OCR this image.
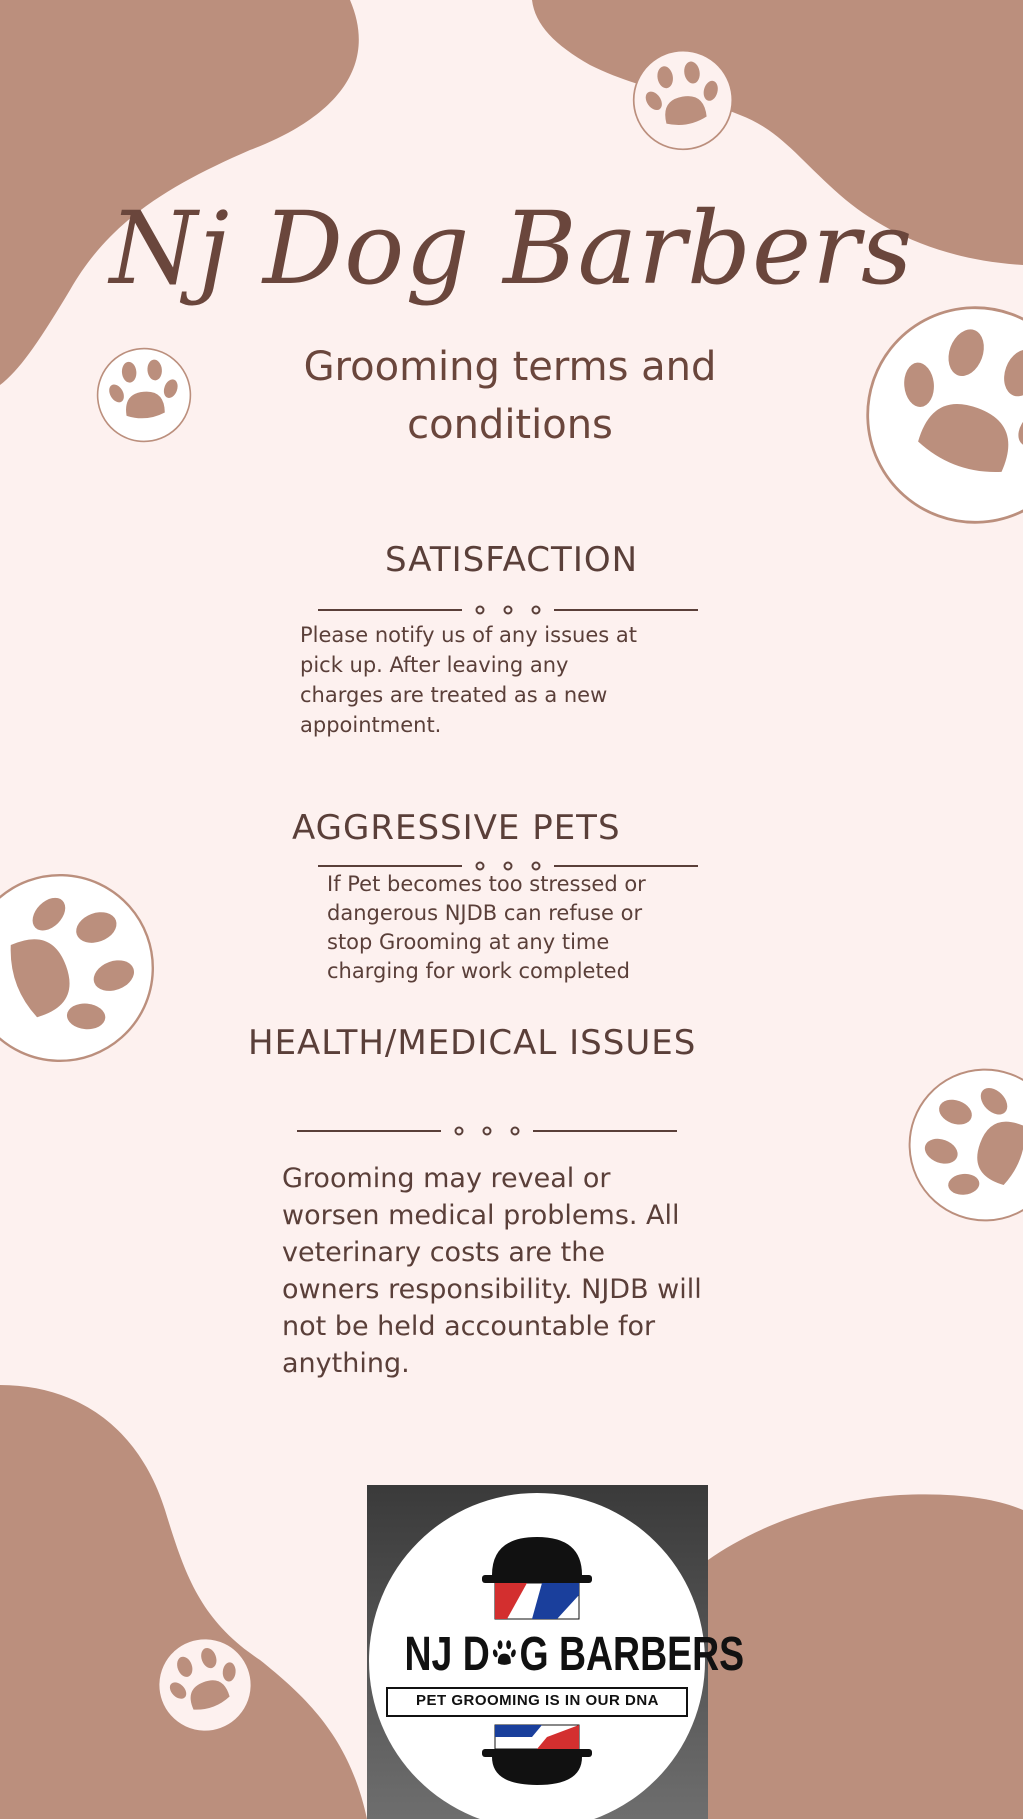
Nj Dog Barbers
Grooming terms and conditions
SATISFACTION
Please notify us of any issues at pick up. After leaving any charges are treated as a new appointment.
AGGRESSIVE PETS
If Pet becomes too stressed or dangerous NJDB can refuse or stop Grooming at any time charging for work completed
HEALTH/MEDICAL ISSUES
Grooming may reveal or worsen medical problems. All veterinary costs are the owners responsibility. NJDB will not be held accountable for anything.
NJ D G BARBERS
PET GROOMING IS IN OUR DNA
